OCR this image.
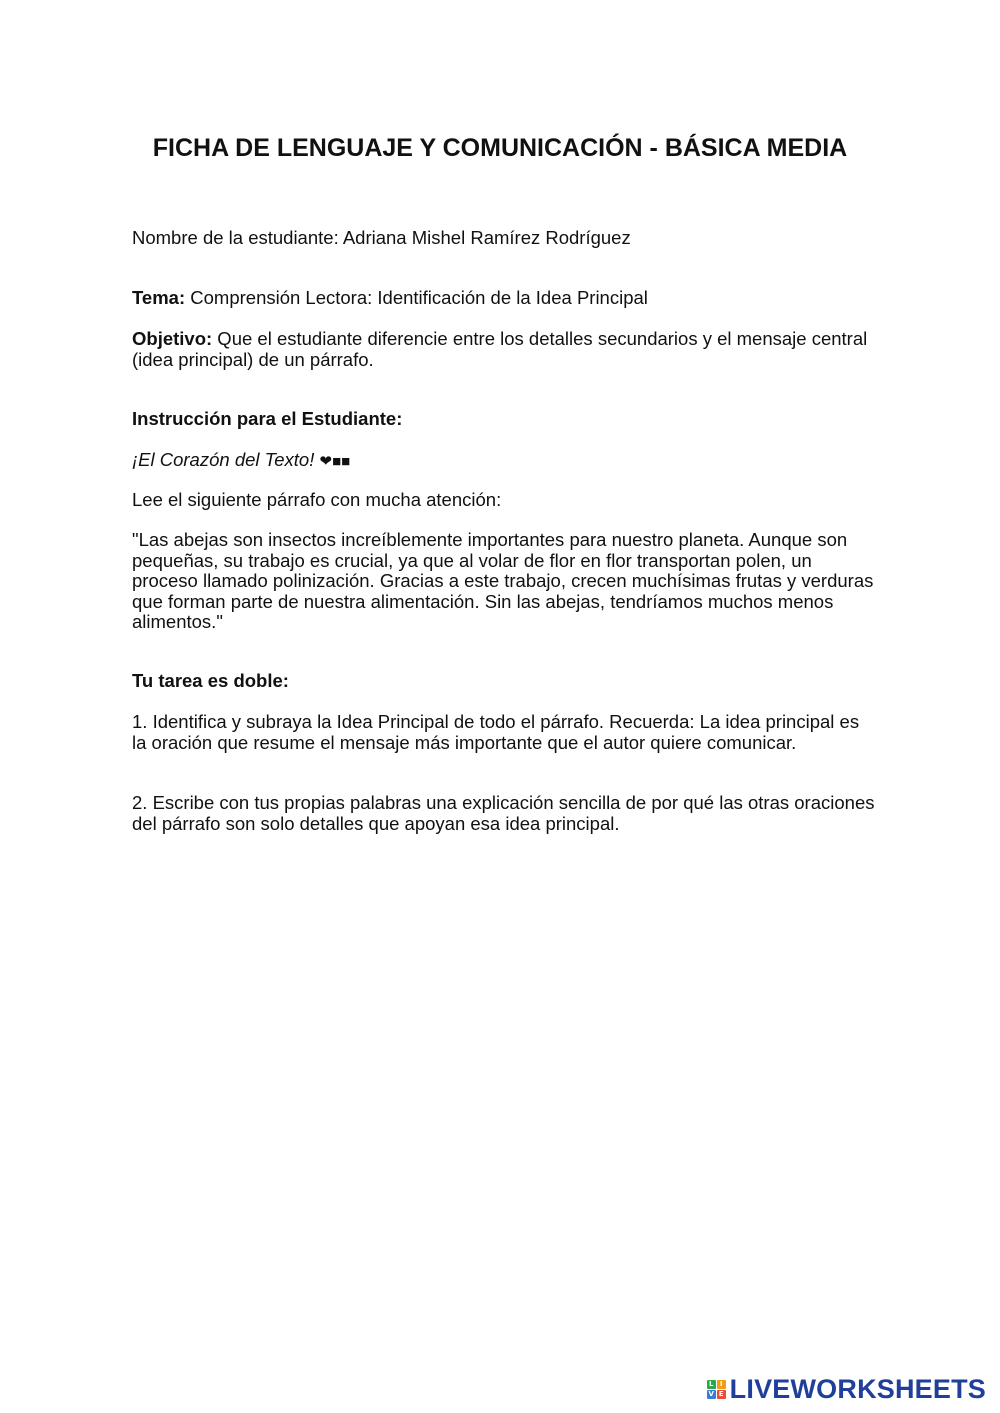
FICHA DE LENGUAJE Y COMUNICACIÓN - BÁSICA MEDIA

Nombre de la estudiante: Adriana Mishel Ramírez Rodríguez

Tema: Comprensión Lectora: Identificación de la Idea Principal

Objetivo: Que el estudiante diferencie entre los detalles secundarios y el mensaje central (idea principal) de un párrafo.

Instrucción para el Estudiante:

¡El Corazón del Texto! ❤■■

Lee el siguiente párrafo con mucha atención:

"Las abejas son insectos increíblemente importantes para nuestro planeta. Aunque son pequeñas, su trabajo es crucial, ya que al volar de flor en flor transportan polen, un proceso llamado polinización. Gracias a este trabajo, crecen muchísimas frutas y verduras que forman parte de nuestra alimentación. Sin las abejas, tendríamos muchos menos alimentos."

Tu tarea es doble:

1. Identifica y subraya la Idea Principal de todo el párrafo. Recuerda: La idea principal es la oración que resume el mensaje más importante que el autor quiere comunicar.

2. Escribe con tus propias palabras una explicación sencilla de por qué las otras oraciones del párrafo son solo detalles que apoyan esa idea principal.

L I
V E LIVEWORKSHEETS
